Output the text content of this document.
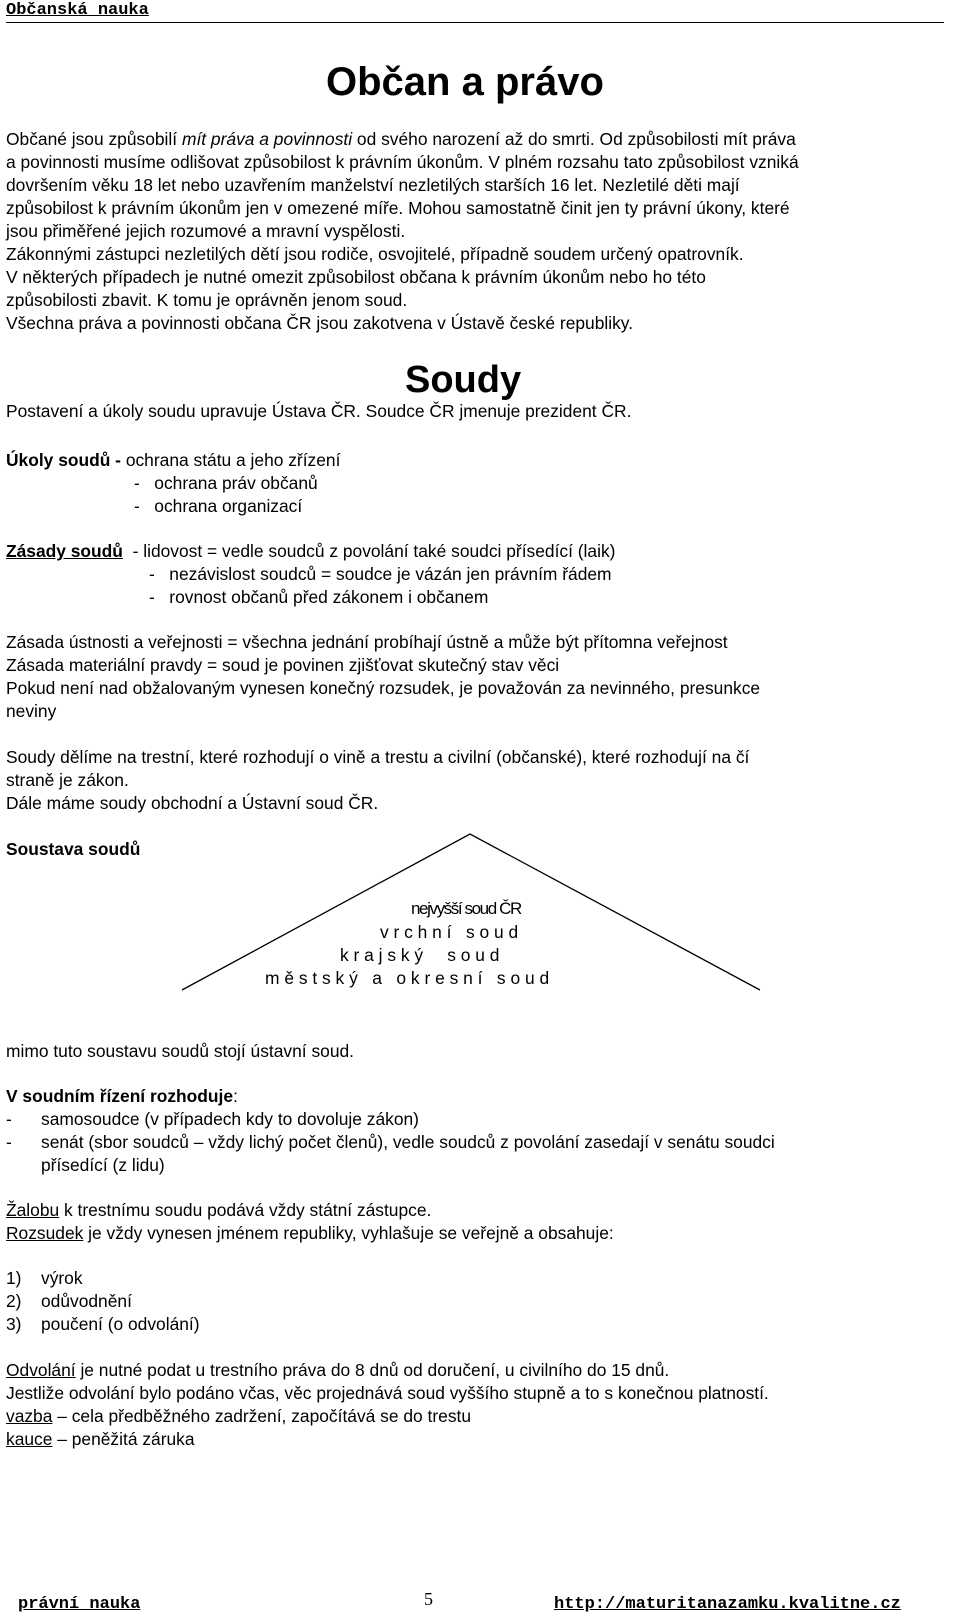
Občanská nauka
Občan a právo
Občané jsou způsobilí mít práva a povinnosti od svého narození až do smrti. Od způsobilosti mít práva
a povinnosti musíme odlišovat způsobilost k právním úkonům. V plném rozsahu tato způsobilost vzniká
dovršením věku 18 let nebo uzavřením manželství nezletilých starších 16 let. Nezletilé děti mají
způsobilost k právním úkonům jen v omezené míře. Mohou samostatně činit jen ty právní úkony, které
jsou přiměřené jejich rozumové a mravní vyspělosti.
Zákonnými zástupci nezletilých dětí jsou rodiče, osvojitelé, případně soudem určený opatrovník.
V některých případech je nutné omezit způsobilost občana k právním úkonům nebo ho této
způsobilosti zbavit. K tomu je oprávněn jenom soud.
Všechna práva a povinnosti občana ČR jsou zakotvena v Ústavě české republiky.
Soudy
Postavení a úkoly soudu upravuje Ústava ČR. Soudce ČR jmenuje prezident ČR.
Úkoly soudů - ochrana státu a jeho zřízení
-   ochrana práv občanů
-   ochrana organizací
Zásady soudů  - lidovost = vedle soudců z povolání také soudci přísedící (laik)
-   nezávislost soudců = soudce je vázán jen právním řádem
-   rovnost občanů před zákonem i občanem
Zásada ústnosti a veřejnosti = všechna jednání probíhají ústně a může být přítomna veřejnost
Zásada materiální pravdy = soud je povinen zjišťovat skutečný stav věci
Pokud není nad obžalovaným vynesen konečný rozsudek, je považován za nevinného, presunkce
neviny
Soudy dělíme na trestní, které rozhodují o vině a trestu a civilní (občanské), které rozhodují na čí
straně je zákon.
Dále máme soudy obchodní a Ústavní soud ČR.
Soustava soudů
nejvyšší soud ČR
v r c h n í   s o u d
k r a j s k ý     s o u d
m ě s t s k ý   a   o k r e s n í   s o u d
mimo tuto soustavu soudů stojí ústavní soud.
V soudním řízení rozhoduje:
- samosoudce (v případech kdy to dovoluje zákon)
- senát (sbor soudců – vždy lichý počet členů), vedle soudců z povolání zasedají v senátu soudci
přísedící (z lidu)
Žalobu k trestnímu soudu podává vždy státní zástupce.
Rozsudek je vždy vynesen jménem republiky, vyhlašuje se veřejně a obsahuje:
1) výrok
2) odůvodnění
3) poučení (o odvolání)
Odvolání je nutné podat u trestního práva do 8 dnů od doručení, u civilního do 15 dnů.
Jestliže odvolání bylo podáno včas, věc projednává soud vyššího stupně a to s konečnou platností.
vazba – cela předběžného zadržení, započítává se do trestu
kauce – peněžitá záruka
právní nauka	5	http://maturitanazamku.kvalitne.cz
